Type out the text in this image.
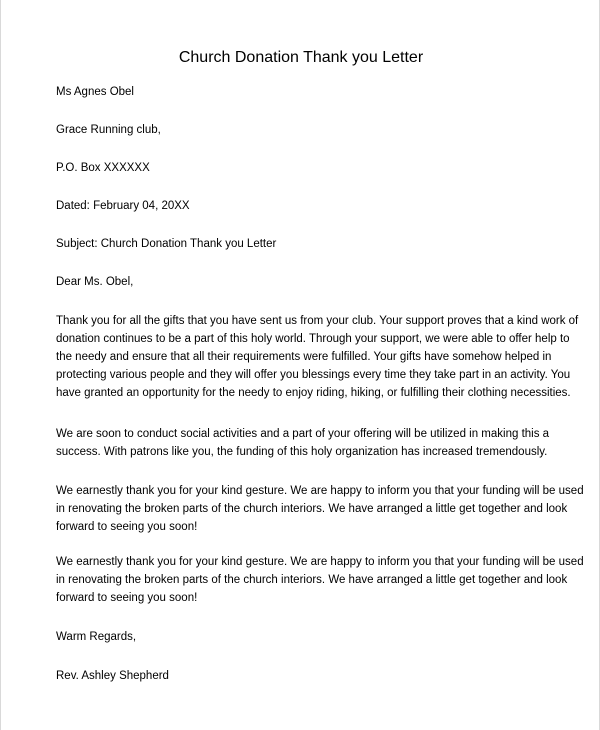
Church Donation Thank you Letter

Ms Agnes Obel

Grace Running club,

P.O. Box XXXXXX

Dated: February 04, 20XX

Subject: Church Donation Thank you Letter

Dear Ms. Obel,

Thank you for all the gifts that you have sent us from your club. Your support proves that a kind work of
donation continues to be a part of this holy world. Through your support, we were able to offer help to
the needy and ensure that all their requirements were fulfilled. Your gifts have somehow helped in
protecting various people and they will offer you blessings every time they take part in an activity. You
have granted an opportunity for the needy to enjoy riding, hiking, or fulfilling their clothing necessities.
We are soon to conduct social activities and a part of your offering will be utilized in making this a
success. With patrons like you, the funding of this holy organization has increased tremendously.
We earnestly thank you for your kind gesture. We are happy to inform you that your funding will be used
in renovating the broken parts of the church interiors. We have arranged a little get together and look
forward to seeing you soon!
We earnestly thank you for your kind gesture. We are happy to inform you that your funding will be used
in renovating the broken parts of the church interiors. We have arranged a little get together and look
forward to seeing you soon!

Warm Regards,

Rev. Ashley Shepherd
